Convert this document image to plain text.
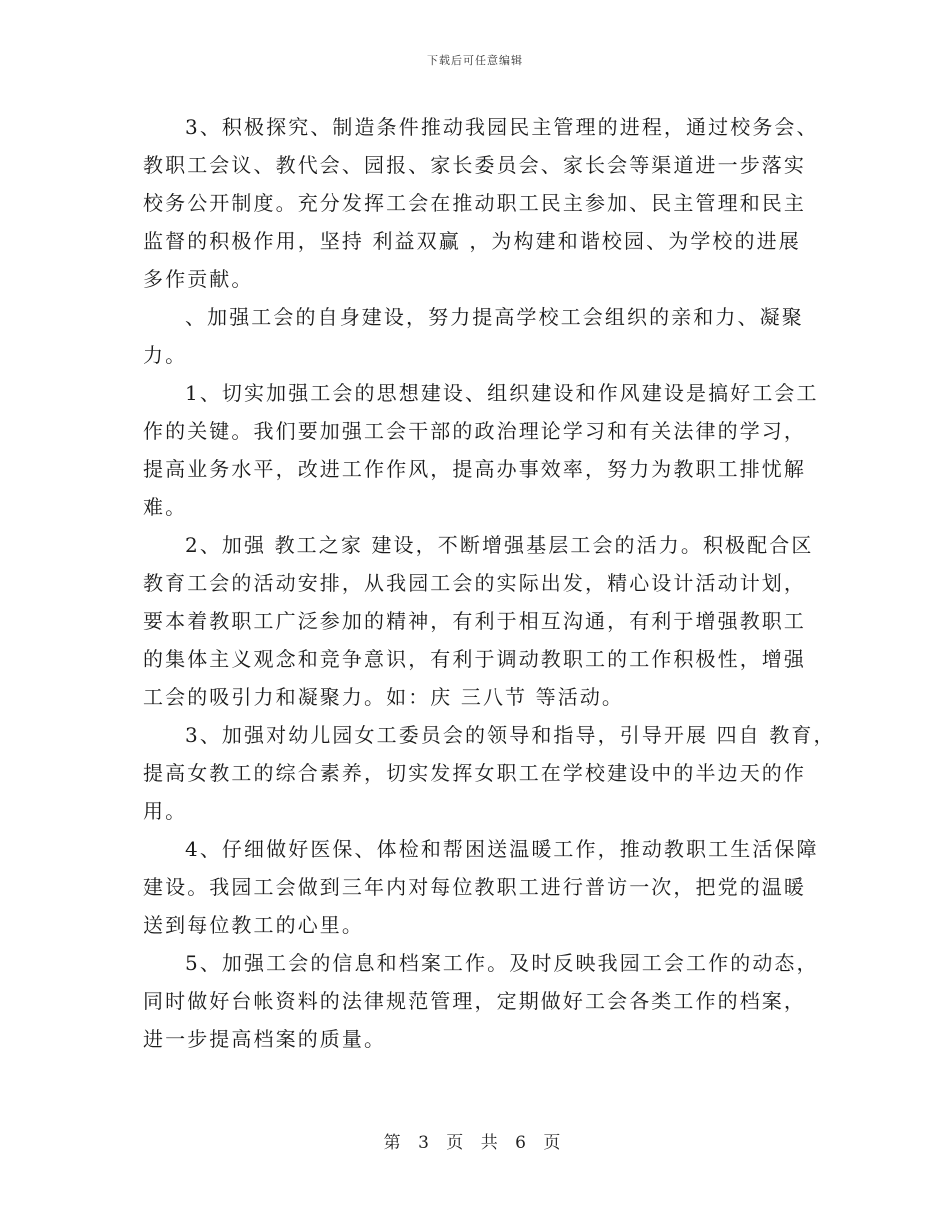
下载后可任意编辑
3、积极探究、制造条件推动我园民主管理的进程，通过校务会、
教职工会议、教代会、园报、家长委员会、家长会等渠道进一步落实
校务公开制度。充分发挥工会在推动职工民主参加、民主管理和民主
监督的积极作用，坚持 利益双赢 ，为构建和谐校园、为学校的进展
多作贡献。
、加强工会的自身建设，努力提高学校工会组织的亲和力、凝聚
力。
1、切实加强工会的思想建设、组织建设和作风建设是搞好工会工
作的关键。我们要加强工会干部的政治理论学习和有关法律的学习，
提高业务水平，改进工作作风，提高办事效率，努力为教职工排忧解
难。
2、加强 教工之家 建设，不断增强基层工会的活力。积极配合区
教育工会的活动安排，从我园工会的实际出发，精心设计活动计划，
要本着教职工广泛参加的精神，有利于相互沟通，有利于增强教职工
的集体主义观念和竞争意识，有利于调动教职工的工作积极性，增强
工会的吸引力和凝聚力。如：庆 三八节 等活动。
3、加强对幼儿园女工委员会的领导和指导，引导开展 四自 教育，
提高女教工的综合素养，切实发挥女职工在学校建设中的半边天的作
用。
4、仔细做好医保、体检和帮困送温暖工作，推动教职工生活保障
建设。我园工会做到三年内对每位教职工进行普访一次，把党的温暖
送到每位教工的心里。
5、加强工会的信息和档案工作。及时反映我园工会工作的动态，
同时做好台帐资料的法律规范管理，定期做好工会各类工作的档案，
进一步提高档案的质量。
第 3 页 共 6 页
